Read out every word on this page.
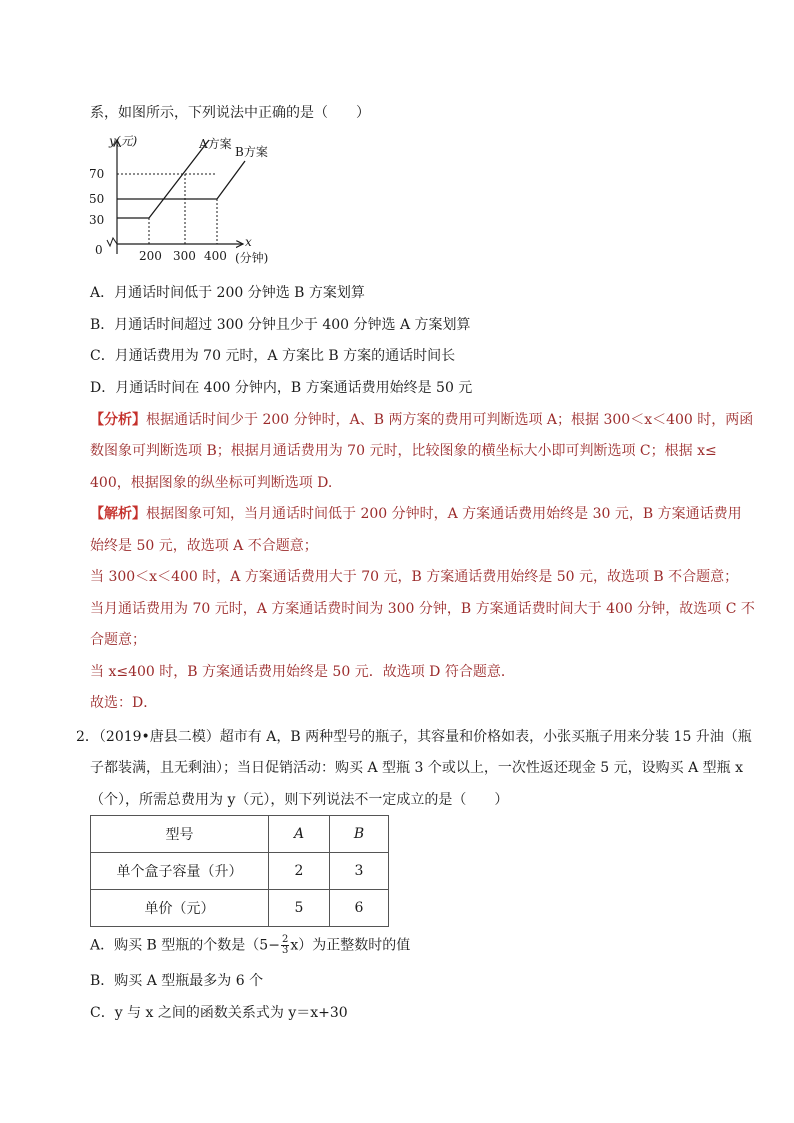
系，如图所示，下列说法中正确的是（　　）
y(元)
70
50
30
0	200 300 400
x
(分钟)
A方案
B方案
A．月通话时间低于 200 分钟选 B 方案划算
B．月通话时间超过 300 分钟且少于 400 分钟选 A 方案划算
C．月通话费用为 70 元时，A 方案比 B 方案的通话时间长
D．月通话时间在 400 分钟内，B 方案通话费用始终是 50 元
【分析】根据通话时间少于 200 分钟时，A、B 两方案的费用可判断选项 A；根据 300＜x＜400 时，两函
数图象可判断选项 B；根据月通话费用为 70 元时，比较图象的横坐标大小即可判断选项 C；根据 x≤
400，根据图象的纵坐标可判断选项 D.
【解析】根据图象可知，当月通话时间低于 200 分钟时，A 方案通话费用始终是 30 元，B 方案通话费用
始终是 50 元，故选项 A 不合题意；
当 300＜x＜400 时，A 方案通话费用大于 70 元，B 方案通话费用始终是 50 元，故选项 B 不合题意；
当月通话费用为 70 元时，A 方案通话费时间为 300 分钟，B 方案通话费时间大于 400 分钟，故选项 C 不
合题意；
当 x≤400 时，B 方案通话费用始终是 50 元．故选项 D 符合题意．
故选：D．
2．（2019•唐县二模）超市有 A，B 两种型号的瓶子，其容量和价格如表，小张买瓶子用来分装 15 升油（瓶
子都装满，且无剩油）；当日促销活动：购买 A 型瓶 3 个或以上，一次性返还现金 5 元，设购买 A 型瓶 x
（个），所需总费用为 y（元），则下列说法不一定成立的是（　　）
型号	A	B
单个盒子容量（升）	2	3
单价（元）	5	6
A．购买 B 型瓶的个数是$(5- \frac{2}{3} x)$为正整数时的值
B．购买 A 型瓶最多为 6 个
C．y 与 x 之间的函数关系式为 y＝x+30
